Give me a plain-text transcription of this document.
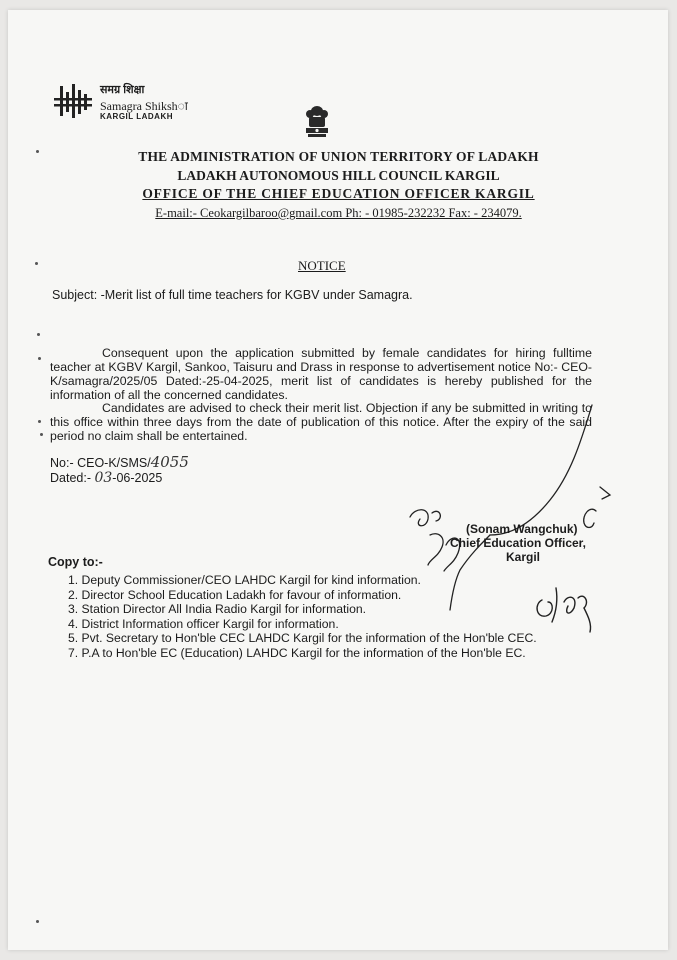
समग्र शिक्षा
Samagra Shikshा
KARGIL LADAKH
THE ADMINISTRATION OF UNION TERRITORY OF LADAKH
LADAKH AUTONOMOUS HILL COUNCIL KARGIL
OFFICE OF THE CHIEF EDUCATION OFFICER KARGIL
E-mail:- Ceokargilbaroo@gmail.com Ph: - 01985-232232 Fax: - 234079.
NOTICE
Subject: -Merit list of full time teachers for KGBV under Samagra.
Consequent upon the application submitted by female candidates for hiring fulltime teacher at KGBV Kargil, Sankoo, Taisuru and Drass in response to advertisement notice No:- CEO-K/samagra/2025/05 Dated:-25-04-2025, merit list of candidates is hereby published for the information of all the concerned candidates.
Candidates are advised to check their merit list. Objection if any be submitted in writing to this office within three days from the date of publication of this notice. After the expiry of the said period no claim shall be entertained.
No:- CEO-K/SMS/4055
Dated:- 03-06-2025
(Sonam Wangchuk)
Chief Education Officer,
Kargil
Copy to:-
1. Deputy Commissioner/CEO LAHDC Kargil for kind information.
2. Director School Education Ladakh for favour of information.
3. Station Director All India Radio Kargil for information.
4. District Information officer Kargil for information.
5. Pvt. Secretary to Hon'ble CEC LAHDC Kargil for the information of the Hon'ble CEC.
7. P.A to Hon'ble EC (Education) LAHDC Kargil for the information of the Hon'ble EC.
